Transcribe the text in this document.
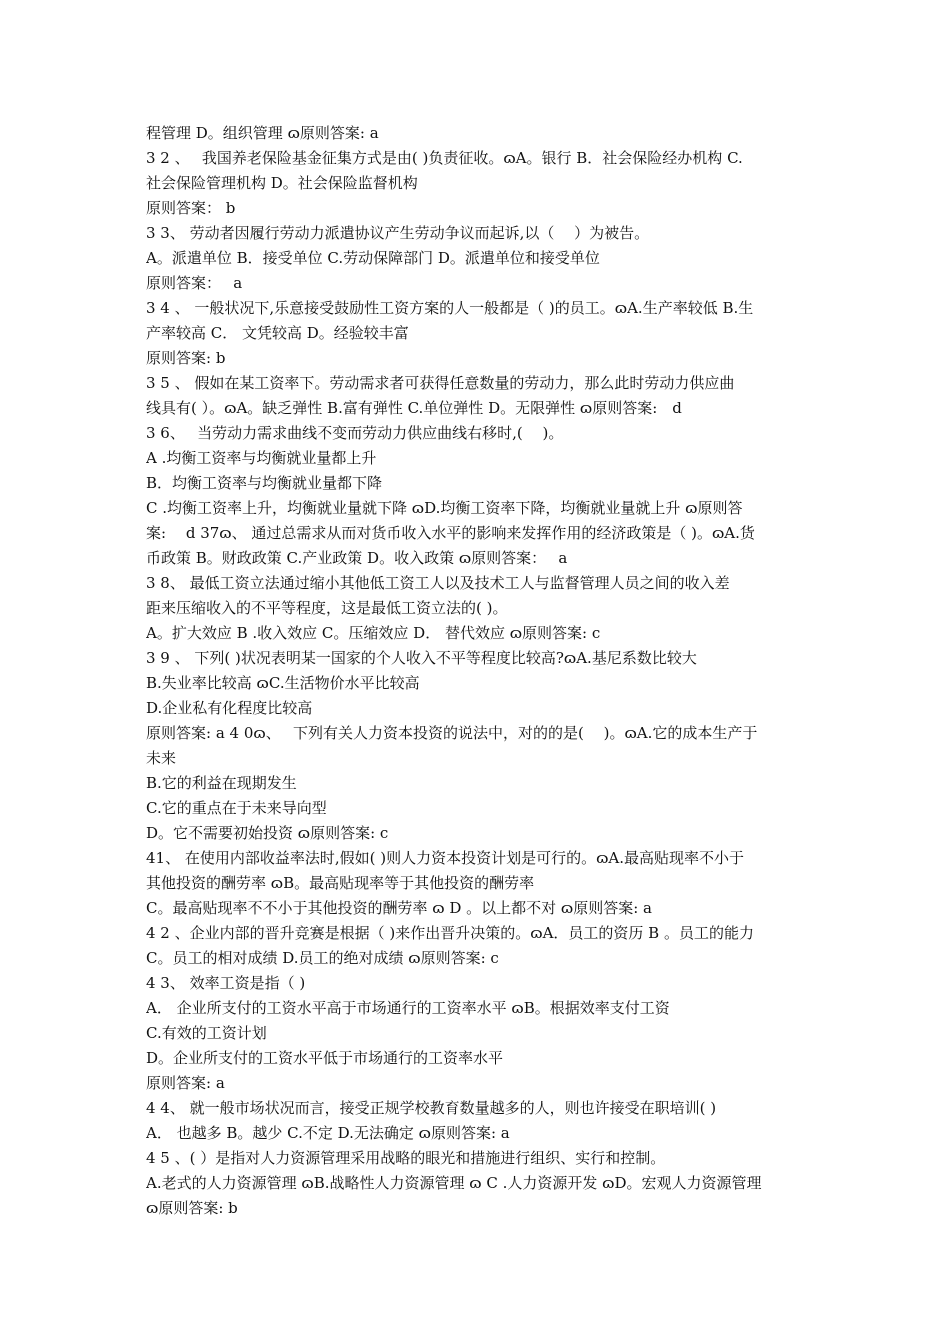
程管理 D。组织管理 ɷ原则答案: a
3 2 、　 我国养老保险基金征集方式是由( )负责征收。ɷA。银行 B．社会保险经办机构 C.
社会保险管理机构 D。社会保险监督机构
原则答案： b
3 3、 劳动者因履行劳动力派遣协议产生劳动争议而起诉,以（　 ）为被告。
A。派遣单位 B．接受单位 C.劳动保障部门 D。派遣单位和接受单位
原则答案：　 a
3 4 、 一般状况下,乐意接受鼓励性工资方案的人一般都是（ )的员工。ɷA.生产率较低 B.生
产率较高 C． 文凭较高 D。经验较丰富
原则答案: b
3 5 、 假如在某工资率下。劳动需求者可获得任意数量的劳动力，那么此时劳动力供应曲
线具有( ）。ɷA。缺乏弹性 B.富有弹性 C.单位弹性 D。无限弹性 ɷ原则答案:　d
3 6、　 当劳动力需求曲线不变而劳动力供应曲线右移时,(　 )。
A .均衡工资率与均衡就业量都上升
B．均衡工资率与均衡就业量都下降
C .均衡工资率上升，均衡就业量就下降 ɷD.均衡工资率下降，均衡就业量就上升 ɷ原则答
案:　 d 37ɷ、 通过总需求从而对货币收入水平的影响来发挥作用的经济政策是（ )。ɷA.货
币政策 B。财政政策 C.产业政策 D。收入政策 ɷ原则答案：　 a
3 8、 最低工资立法通过缩小其他低工资工人以及技术工人与监督管理人员之间的收入差
距来压缩收入的不平等程度，这是最低工资立法的( )。
A。扩大效应 B .收入效应 C。压缩效应 D． 替代效应 ɷ原则答案: c
3 9 、 下列( )状况表明某一国家的个人收入不平等程度比较高?ɷA.基尼系数比较大
B.失业率比较高 ɷC.生活物价水平比较高
D.企业私有化程度比较高
原则答案: a 4 0ɷ、　 下列有关人力资本投资的说法中，对的的是(　 )。ɷA.它的成本生产于
未来
B.它的利益在现期发生
C.它的重点在于未来导向型
D。它不需要初始投资 ɷ原则答案: c
41、 在使用内部收益率法时,假如( )则人力资本投资计划是可行的。ɷA.最高贴现率不小于
其他投资的酬劳率 ɷB。最高贴现率等于其他投资的酬劳率
C。最高贴现率不不小于其他投资的酬劳率 ɷ D 。以上都不对 ɷ原则答案: a
4 2 、企业内部的晋升竞赛是根据（ )来作出晋升决策的。ɷA．员工的资历 B 。员工的能力
C。员工的相对成绩 D.员工的绝对成绩 ɷ原则答案: c
4 3、 效率工资是指（ )
A． 企业所支付的工资水平高于市场通行的工资率水平 ɷB。根据效率支付工资
C.有效的工资计划
D。企业所支付的工资水平低于市场通行的工资率水平
原则答案: a
4 4、 就一般市场状况而言，接受正规学校教育数量越多的人，则也许接受在职培训( )
A． 也越多 B。越少 C.不定 D.无法确定 ɷ原则答案: a
4 5 、( ）是指对人力资源管理采用战略的眼光和措施进行组织、实行和控制。
A.老式的人力资源管理 ɷB.战略性人力资源管理 ɷ C .人力资源开发 ɷD。宏观人力资源管理
ɷ原则答案: b
